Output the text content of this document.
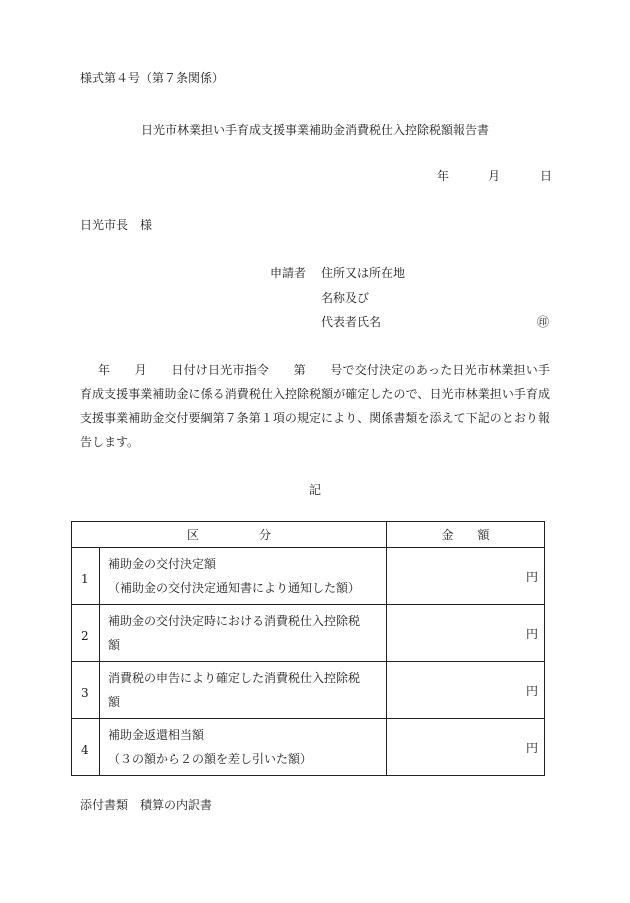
様式第４号（第７条関係）
日光市林業担い手育成支援事業補助金消費税仕入控除税額報告書
年	月	日
日光市長　様
申請者 住所又は所在地
名称及び
代表者氏名	㊞

年　　月　　日付け日光市指令　　第　　号で交付決定のあった日光市林業担い手育成支援事業補助金に係る消費税仕入控除税額が確定したので、日光市林業担い手育成支援事業補助金交付要綱第７条第１項の規定により、関係書類を添えて下記のとおり報告します。

記
区　　　　　分		金　　額
1	補助金の交付決定額
（補助金の交付決定通知書により通知した額）	円
2	補助金の交付決定時における消費税仕入控除税
額	円
3	消費税の申告により確定した消費税仕入控除税
額	円
4	補助金返還相当額
（３の額から２の額を差し引いた額）	円
添付書類　積算の内訳書
